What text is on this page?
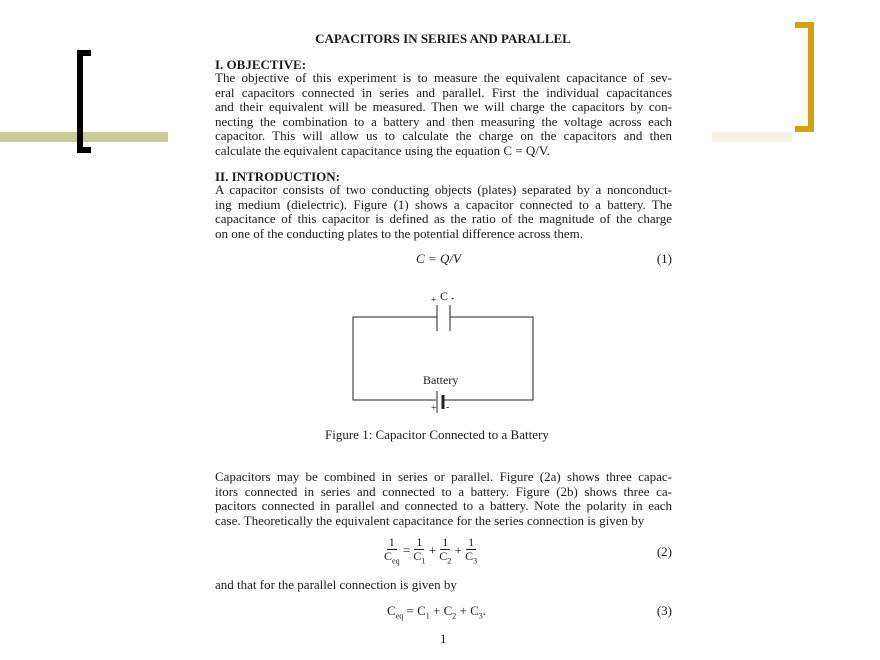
CAPACITORS IN SERIES AND PARALLEL
I. OBJECTIVE:
The objective of this experiment is to measure the equivalent capacitance of sev-
eral capacitors connected in series and parallel. First the individual capacitances
and their equivalent will be measured. Then we will charge the capacitors by con-
necting the combination to a battery and then measuring the voltage across each
capacitor. This will allow us to calculate the charge on the capacitors and then
calculate the equivalent capacitance using the equation C = Q/V.
II. INTRODUCTION:
A capacitor consists of two conducting objects (plates) separated by a nonconduct-
ing medium (dielectric). Figure (1) shows a capacitor connected to a battery. The
capacitance of this capacitor is defined as the ratio of the magnitude of the charge
on one of the conducting plates to the potential difference across them.
C = Q/V	(1)
+ C -
Battery
+ -
Figure 1: Capacitor Connected to a Battery
Capacitors may be combined in series or parallel. Figure (2a) shows three capac-
itors connected in series and connected to a battery. Figure (2b) shows three ca-
pacitors connected in parallel and connected to a battery. Note the polarity in each
case. Theoretically the equivalent capacitance for the series connection is given by
$\frac{1}{C_{eq}} = \frac{1}{C_1} + \frac{1}{C_2} + \frac{1}{C_3}$	(2)
and that for the parallel connection is given by
$C_{eq} = C_1 + C_2 + C_3$.	(3)
1
